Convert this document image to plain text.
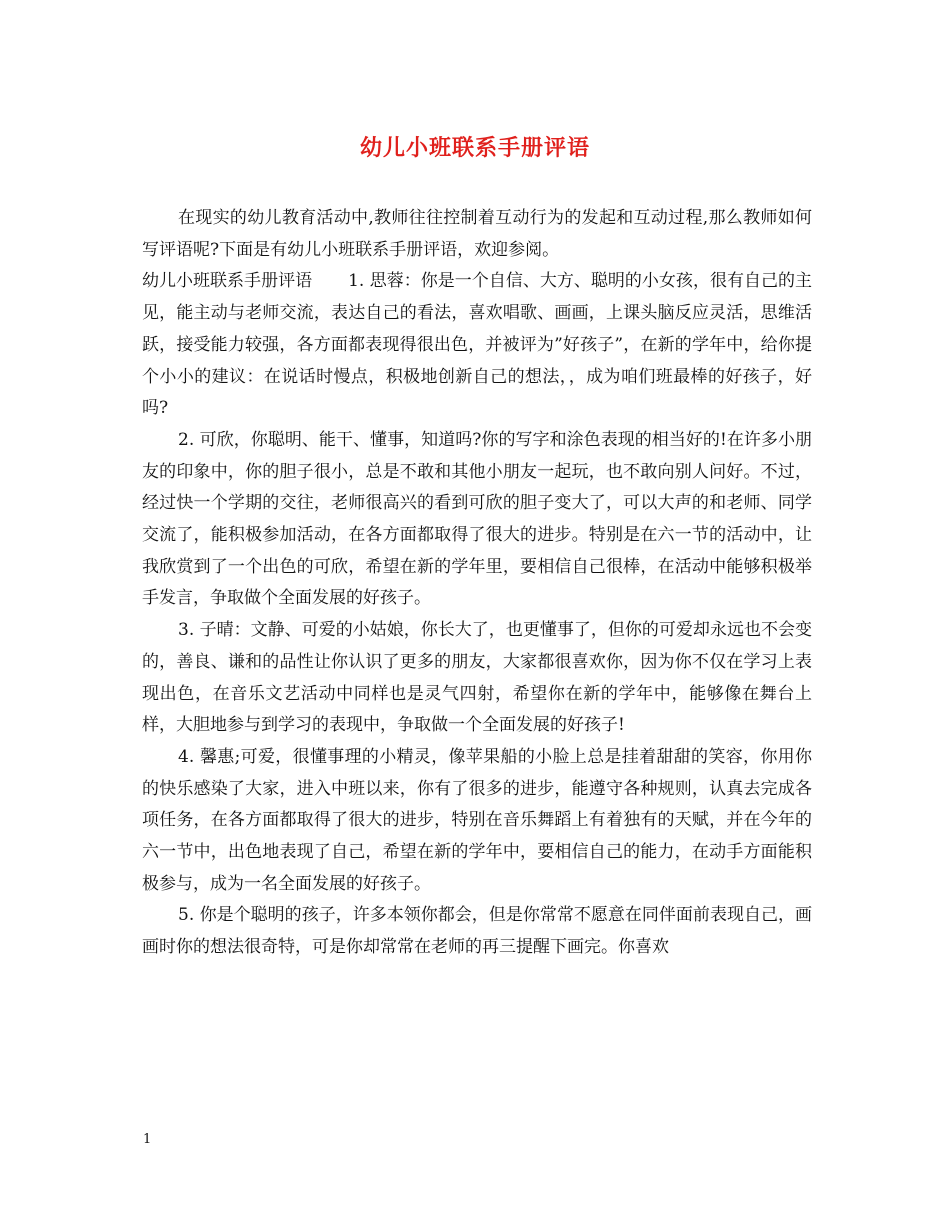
幼儿小班联系手册评语

在现实的幼儿教育活动中,教师往往控制着互动行为的发起和互动过程,那么教师如何写评语呢?下面是有幼儿小班联系手册评语，欢迎参阅。

幼儿小班联系手册评语 1. 思蓉：你是一个自信、大方、聪明的小女孩，很有自己的主见，能主动与老师交流，表达自己的看法，喜欢唱歌、画画，上课头脑反应灵活，思维活跃，接受能力较强，各方面都表现得很出色，并被评为”好孩子”，在新的学年中，给你提个小小的建议：在说话时慢点，积极地创新自己的想法，，成为咱们班最棒的好孩子，好吗?

2. 可欣，你聪明、能干、懂事，知道吗?你的写字和涂色表现的相当好的!在许多小朋友的印象中，你的胆子很小，总是不敢和其他小朋友一起玩，也不敢向别人问好。不过，经过快一个学期的交往，老师很高兴的看到可欣的胆子变大了，可以大声的和老师、同学交流了，能积极参加活动，在各方面都取得了很大的进步。特别是在六一节的活动中，让我欣赏到了一个出色的可欣，希望在新的学年里，要相信自己很棒，在活动中能够积极举手发言，争取做个全面发展的好孩子。

3. 子晴：文静、可爱的小姑娘，你长大了，也更懂事了，但你的可爱却永远也不会变的，善良、谦和的品性让你认识了更多的朋友，大家都很喜欢你，因为你不仅在学习上表现出色，在音乐文艺活动中同样也是灵气四射，希望你在新的学年中，能够像在舞台上样，大胆地参与到学习的表现中，争取做一个全面发展的好孩子!

4. 馨惠;可爱，很懂事理的小精灵，像苹果船的小脸上总是挂着甜甜的笑容，你用你的快乐感染了大家，进入中班以来，你有了很多的进步，能遵守各种规则，认真去完成各项任务，在各方面都取得了很大的进步，特别在音乐舞蹈上有着独有的天赋，并在今年的六一节中，出色地表现了自己，希望在新的学年中，要相信自己的能力，在动手方面能积极参与，成为一名全面发展的好孩子。

5. 你是个聪明的孩子，许多本领你都会，但是你常常不愿意在同伴面前表现自己，画画时你的想法很奇特，可是你却常常在老师的再三提醒下画完。你喜欢

1
